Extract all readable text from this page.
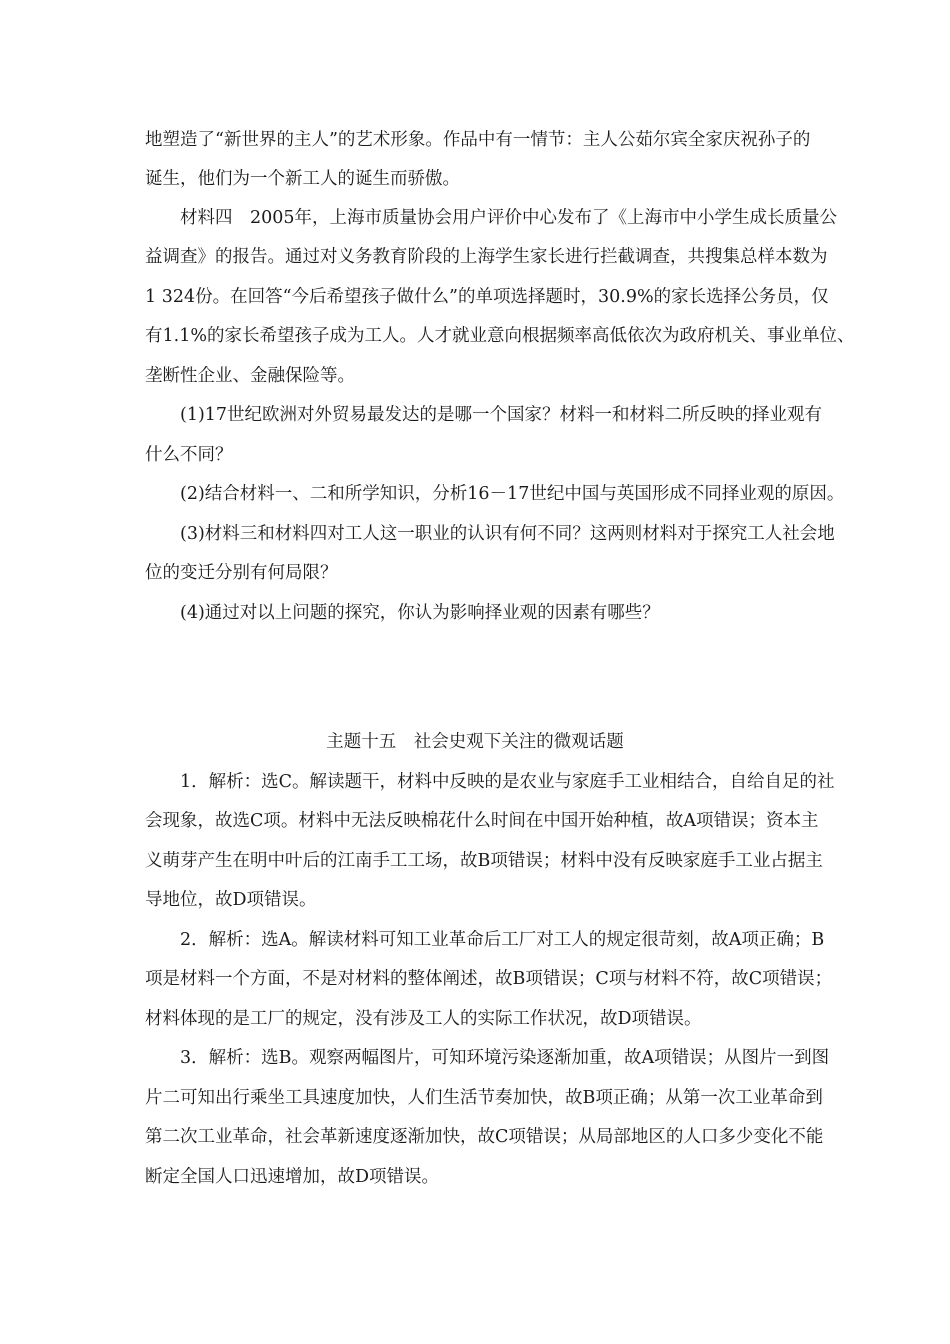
地塑造了“新世界的主人”的艺术形象。作品中有一情节：主人公茹尔宾全家庆祝孙子的
诞生，他们为一个新工人的诞生而骄傲。
材料四　2005年，上海市质量协会用户评价中心发布了《上海市中小学生成长质量公
益调查》的报告。通过对义务教育阶段的上海学生家长进行拦截调查，共搜集总样本数为
1 324份。在回答“今后希望孩子做什么”的单项选择题时，30.9%的家长选择公务员，仅
有1.1%的家长希望孩子成为工人。人才就业意向根据频率高低依次为政府机关、事业单位、
垄断性企业、金融保险等。
(1)17世纪欧洲对外贸易最发达的是哪一个国家？材料一和材料二所反映的择业观有
什么不同？
(2)结合材料一、二和所学知识，分析16－17世纪中国与英国形成不同择业观的原因。
(3)材料三和材料四对工人这一职业的认识有何不同？这两则材料对于探究工人社会地
位的变迁分别有何局限？
(4)通过对以上问题的探究，你认为影响择业观的因素有哪些？
主题十五　社会史观下关注的微观话题
1．解析：选C。解读题干，材料中反映的是农业与家庭手工业相结合，自给自足的社
会现象，故选C项。材料中无法反映棉花什么时间在中国开始种植，故A项错误；资本主
义萌芽产生在明中叶后的江南手工工场，故B项错误；材料中没有反映家庭手工业占据主
导地位，故D项错误。
2．解析：选A。解读材料可知工业革命后工厂对工人的规定很苛刻，故A项正确；B
项是材料一个方面，不是对材料的整体阐述，故B项错误；C项与材料不符，故C项错误；
材料体现的是工厂的规定，没有涉及工人的实际工作状况，故D项错误。
3．解析：选B。观察两幅图片，可知环境污染逐渐加重，故A项错误；从图片一到图
片二可知出行乘坐工具速度加快，人们生活节奏加快，故B项正确；从第一次工业革命到
第二次工业革命，社会革新速度逐渐加快，故C项错误；从局部地区的人口多少变化不能
断定全国人口迅速增加，故D项错误。
